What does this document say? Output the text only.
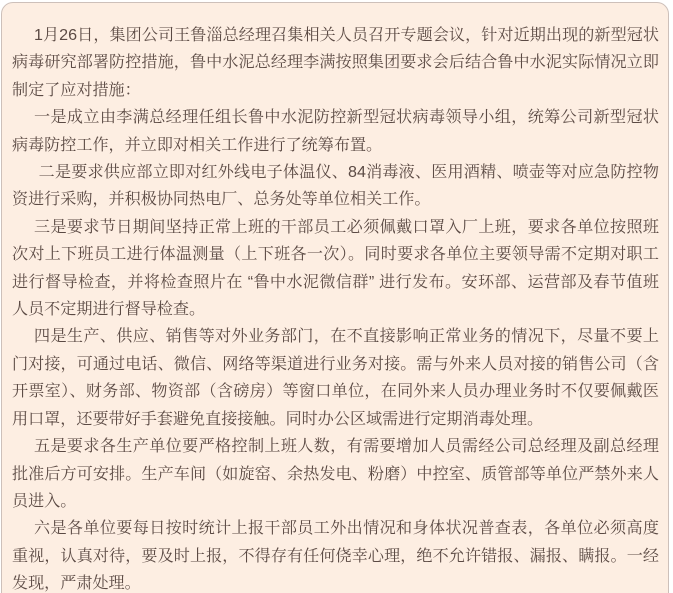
1月26日，集团公司王鲁淄总经理召集相关人员召开专题会议，针对近期出现的新型冠状病毒研究部署防控措施，鲁中水泥总经理李满按照集团要求会后结合鲁中水泥实际情况立即制定了应对措施：

一是成立由李满总经理任组长鲁中水泥防控新型冠状病毒领导小组，统筹公司新型冠状病毒防控工作，并立即对相关工作进行了统筹布置。

二是要求供应部立即对红外线电子体温仪、84消毒液、医用酒精、喷壶等对应急防控物资进行采购，并积极协同热电厂、总务处等单位相关工作。

三是要求节日期间坚持正常上班的干部员工必须佩戴口罩入厂上班，要求各单位按照班次对上下班员工进行体温测量（上下班各一次）。同时要求各单位主要领导需不定期对职工进行督导检查，并将检查照片在 “鲁中水泥微信群” 进行发布。安环部、运营部及春节值班人员不定期进行督导检查。

四是生产、供应、销售等对外业务部门，在不直接影响正常业务的情况下，尽量不要上门对接，可通过电话、微信、网络等渠道进行业务对接。需与外来人员对接的销售公司（含开票室）、财务部、物资部（含磅房）等窗口单位，在同外来人员办理业务时不仅要佩戴医用口罩，还要带好手套避免直接接触。同时办公区域需进行定期消毒处理。

五是要求各生产单位要严格控制上班人数，有需要增加人员需经公司总经理及副总经理批准后方可安排。生产车间（如旋窑、余热发电、粉磨）中控室、质管部等单位严禁外来人员进入。

六是各单位要每日按时统计上报干部员工外出情况和身体状况普查表，各单位必须高度重视，认真对待，要及时上报，不得存有任何侥幸心理，绝不允许错报、漏报、瞒报。一经发现，严肃处理。
